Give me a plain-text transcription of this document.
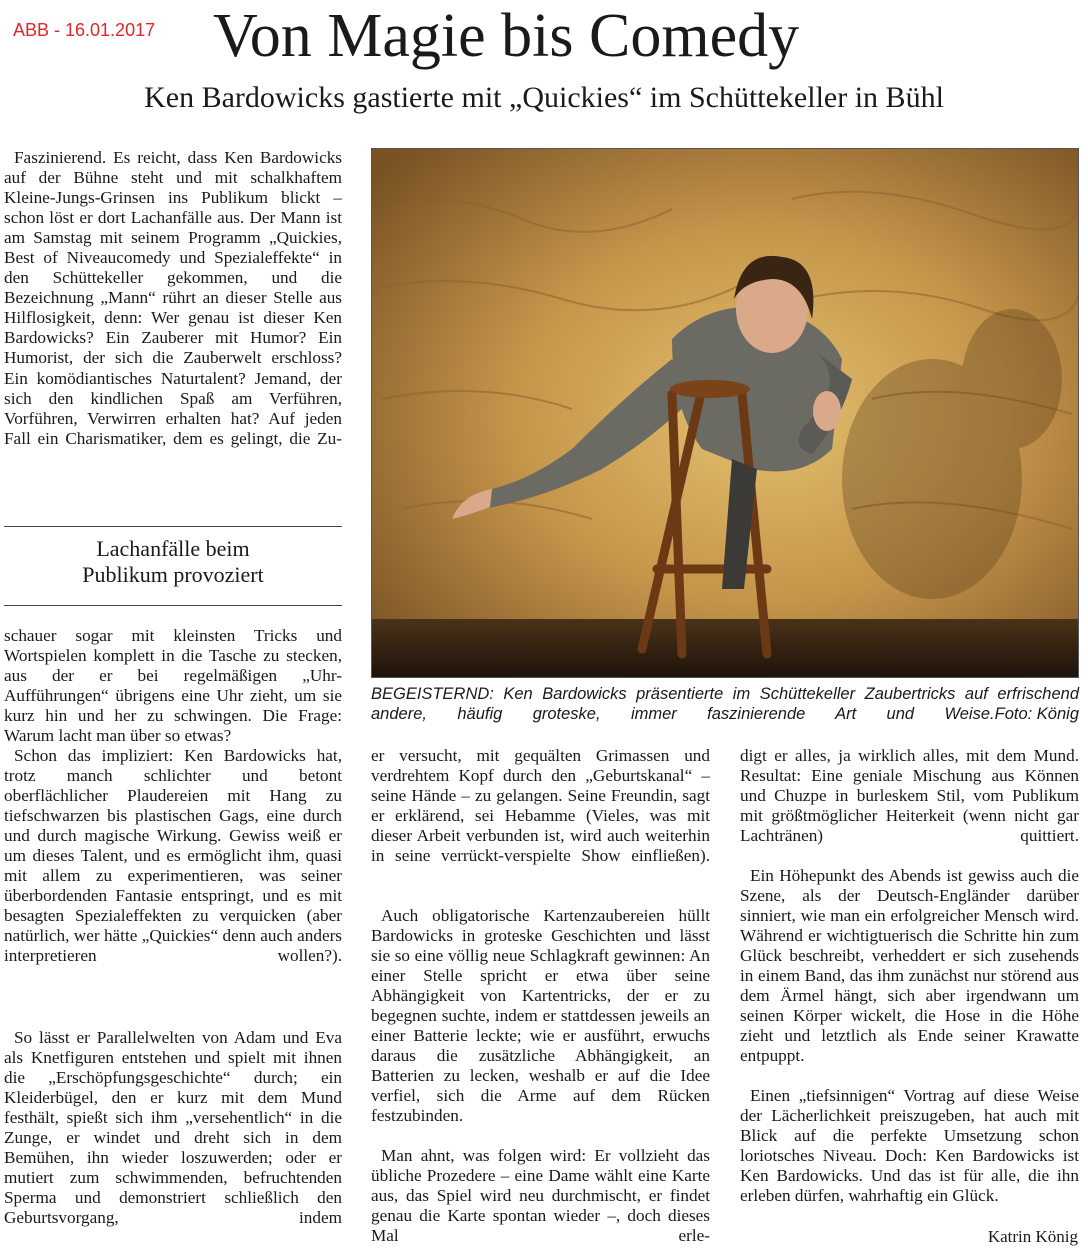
ABB - 16.01.2017 Von Magie bis Comedy
Ken Bardowicks gastierte mit „Quickies“ im Schüttekeller in Bühl
Faszinierend. Es reicht, dass Ken Bardowicks auf der Bühne steht und mit schalkhaftem Kleine-Jungs-Grinsen ins Publikum blickt – schon löst er dort Lachanfälle aus. Der Mann ist am Samstag mit seinem Programm „Quickies, Best of Niveaucomedy und Spezialeffekte“ in den Schüttekeller gekommen, und die Bezeichnung „Mann“ rührt an dieser Stelle aus Hilflosigkeit, denn: Wer genau ist dieser Ken Bardowicks? Ein Zauberer mit Humor? Ein Humorist, der sich die Zauberwelt erschloss? Ein komödiantisches Naturtalent? Jemand, der sich den kindlichen Spaß am Verführen, Vorführen, Verwirren erhalten hat? Auf jeden Fall ein Charismatiker, dem es gelingt, die Zu-
Lachanfälle beim
Publikum provoziert
schauer sogar mit kleinsten Tricks und Wortspielen komplett in die Tasche zu stecken, aus der er bei regelmäßigen „Uhr-Aufführungen“ übrigens eine Uhr zieht, um sie kurz hin und her zu schwingen. Die Frage: Warum lacht man über so etwas?
Schon das impliziert: Ken Bardowicks hat, trotz manch schlichter und betont oberflächlicher Plaudereien mit Hang zu tiefschwarzen bis plastischen Gags, eine durch und durch magische Wirkung. Gewiss weiß er um dieses Talent, und es ermöglicht ihm, quasi mit allem zu experimentieren, was seiner überbordenden Fantasie entspringt, und es mit besagten Spezialeffekten zu verquicken (aber natürlich, wer hätte „Quickies“ denn auch anders interpretieren wollen?).
So lässt er Parallelwelten von Adam und Eva als Knetfiguren entstehen und spielt mit ihnen die „Erschöpfungsgeschichte“ durch; ein Kleiderbügel, den er kurz mit dem Mund festhält, spießt sich ihm „versehentlich“ in die Zunge, er windet und dreht sich in dem Bemühen, ihn wieder loszuwerden; oder er mutiert zum schwimmenden, befruchtenden Sperma und demonstriert schließlich den Geburtsvorgang, indem
BEGEISTERND: Ken Bardowicks präsentierte im Schüttekeller Zaubertricks auf erfrischend andere, häufig groteske, immer faszinierende Art und Weise. Foto: König
er versucht, mit gequälten Grimassen und verdrehtem Kopf durch den „Geburtskanal“ – seine Hände – zu gelangen. Seine Freundin, sagt er erklärend, sei Hebamme (Vieles, was mit dieser Arbeit verbunden ist, wird auch weiterhin in seine verrückt-verspielte Show einfließen).
Auch obligatorische Kartenzaubereien hüllt Bardowicks in groteske Geschichten und lässt sie so eine völlig neue Schlagkraft gewinnen: An einer Stelle spricht er etwa über seine Abhängigkeit von Kartentricks, der er zu begegnen suchte, indem er stattdessen jeweils an einer Batterie leckte; wie er ausführt, erwuchs daraus die zusätzliche Abhängigkeit, an Batterien zu lecken, weshalb er auf die Idee verfiel, sich die Arme auf dem Rücken festzubinden.
Man ahnt, was folgen wird: Er vollzieht das übliche Prozedere – eine Dame wählt eine Karte aus, das Spiel wird neu durchmischt, er findet genau die Karte spontan wieder –, doch dieses Mal erle-
digt er alles, ja wirklich alles, mit dem Mund. Resultat: Eine geniale Mischung aus Können und Chuzpe in burleskem Stil, vom Publikum mit größtmöglicher Heiterkeit (wenn nicht gar Lachtränen) quittiert.
Ein Höhepunkt des Abends ist gewiss auch die Szene, als der Deutsch-Engländer darüber sinniert, wie man ein erfolgreicher Mensch wird. Während er wichtigtuerisch die Schritte hin zum Glück beschreibt, verheddert er sich zusehends in einem Band, das ihm zunächst nur störend aus dem Ärmel hängt, sich aber irgendwann um seinen Körper wickelt, die Hose in die Höhe zieht und letztlich als Ende seiner Krawatte entpuppt.
Einen „tiefsinnigen“ Vortrag auf diese Weise der Lächerlichkeit preiszugeben, hat auch mit Blick auf die perfekte Umsetzung schon loriotsches Niveau. Doch: Ken Bardowicks ist Ken Bardowicks. Und das ist für alle, die ihn erleben dürfen, wahrhaftig ein Glück.
Katrin König
